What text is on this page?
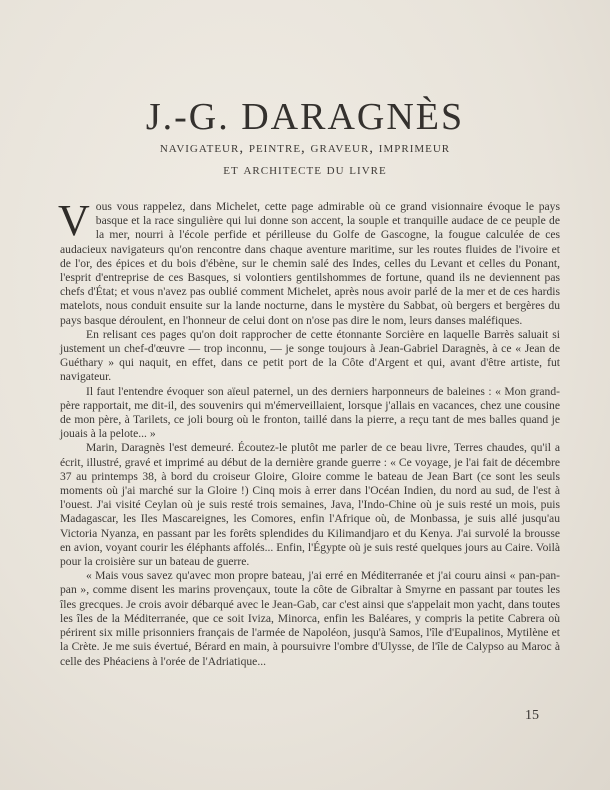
J.-G. DARAGNÈS
navigateur, peintre, graveur, imprimeur
et architecte du livre

Vous vous rappelez, dans Michelet, cette page admirable où ce grand visionnaire évoque le pays basque et la race singulière qui lui donne son accent, la souple et tranquille audace de ce peuple de la mer, nourri à l'école perfide et périlleuse du Golfe de Gascogne, la fougue calculée de ces audacieux navigateurs qu'on rencontre dans chaque aventure maritime, sur les routes fluides de l'ivoire et de l'or, des épices et du bois d'ébène, sur le chemin salé des Indes, celles du Levant et celles du Ponant, l'esprit d'entreprise de ces Basques, si volontiers gentilshommes de fortune, quand ils ne deviennent pas chefs d'État; et vous n'avez pas oublié comment Michelet, après nous avoir parlé de la mer et de ces hardis matelots, nous conduit ensuite sur la lande nocturne, dans le mystère du Sabbat, où bergers et bergères du pays basque déroulent, en l'honneur de celui dont on n'ose pas dire le nom, leurs danses maléfiques.

En relisant ces pages qu'on doit rapprocher de cette étonnante Sorcière en laquelle Barrès saluait si justement un chef-d'œuvre — trop inconnu, — je songe toujours à Jean-Gabriel Daragnès, à ce « Jean de Guéthary » qui naquit, en effet, dans ce petit port de la Côte d'Argent et qui, avant d'être artiste, fut navigateur.

Il faut l'entendre évoquer son aïeul paternel, un des derniers harponneurs de baleines : « Mon grand-père rapportait, me dit-il, des souvenirs qui m'émerveillaient, lorsque j'allais en vacances, chez une cousine de mon père, à Tarilets, ce joli bourg où le fronton, taillé dans la pierre, a reçu tant de mes balles quand je jouais à la pelote... »

Marin, Daragnès l'est demeuré. Écoutez-le plutôt me parler de ce beau livre, Terres chaudes, qu'il a écrit, illustré, gravé et imprimé au début de la dernière grande guerre : « Ce voyage, je l'ai fait de décembre 37 au printemps 38, à bord du croiseur Gloire, Gloire comme le bateau de Jean Bart (ce sont les seuls moments où j'ai marché sur la Gloire !) Cinq mois à errer dans l'Océan Indien, du nord au sud, de l'est à l'ouest. J'ai visité Ceylan où je suis resté trois semaines, Java, l'Indo-Chine où je suis resté un mois, puis Madagascar, les Iles Mascareignes, les Comores, enfin l'Afrique où, de Monbassa, je suis allé jusqu'au Victoria Nyanza, en passant par les forêts splendides du Kilimandjaro et du Kenya. J'ai survolé la brousse en avion, voyant courir les éléphants affolés... Enfin, l'Égypte où je suis resté quelques jours au Caire. Voilà pour la croisière sur un bateau de guerre.

« Mais vous savez qu'avec mon propre bateau, j'ai erré en Méditerranée et j'ai couru ainsi « pan-pan-pan », comme disent les marins provençaux, toute la côte de Gibraltar à Smyrne en passant par toutes les îles grecques. Je crois avoir débarqué avec le Jean-Gab, car c'est ainsi que s'appelait mon yacht, dans toutes les îles de la Méditerranée, que ce soit Iviza, Minorca, enfin les Baléares, y compris la petite Cabrera où périrent six mille prisonniers français de l'armée de Napoléon, jusqu'à Samos, l'île d'Eupalinos, Mytilène et la Crète. Je me suis évertué, Bérard en main, à poursuivre l'ombre d'Ulysse, de l'île de Calypso au Maroc à celle des Phéaciens à l'orée de l'Adriatique...

15
